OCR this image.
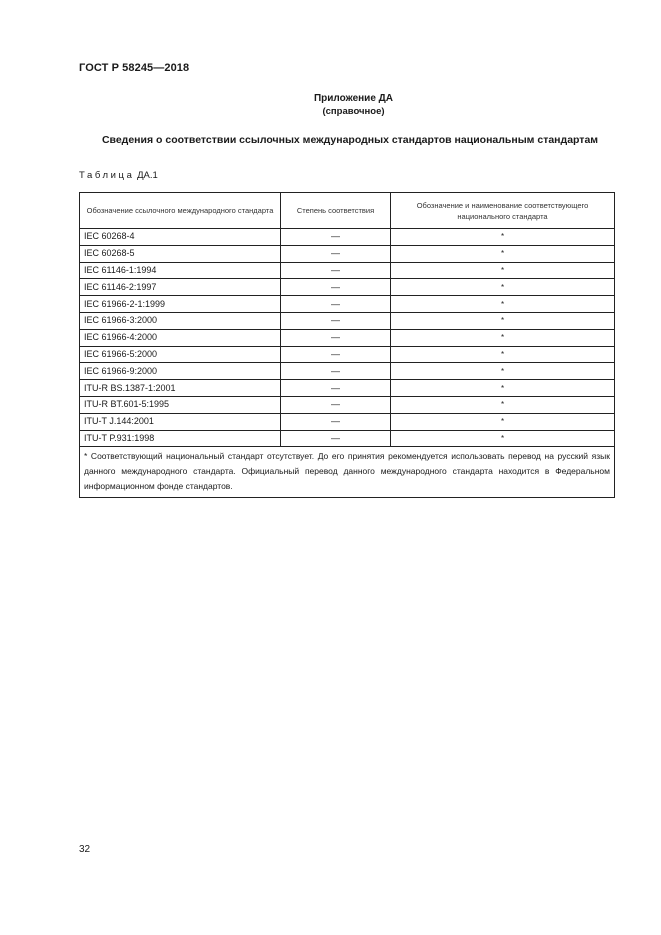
ГОСТ Р 58245—2018
Приложение ДА
(справочное)
Сведения о соответствии ссылочных международных стандартов национальным стандартам
Таблица ДА.1
Обозначение ссылочного международного стандарта	Степень соответствия	Обозначение и наименование соответствующего национального стандарта
IEC 60268-4	—	*
IEC 60268-5	—	*
IEC 61146-1:1994	—	*
IEC 61146-2:1997	—	*
IEC 61966-2-1:1999	—	*
IEC 61966-3:2000	—	*
IEC 61966-4:2000	—	*
IEC 61966-5:2000	—	*
IEC 61966-9:2000	—	*
ITU-R BS.1387-1:2001	—	*
ITU-R BT.601-5:1995	—	*
ITU-T J.144:2001	—	*
ITU-T P.931:1998	—	*
* Соответствующий национальный стандарт отсутствует. До его принятия рекомендуется использовать перевод на русский язык данного международного стандарта. Официальный перевод данного международного стандарта находится в Федеральном информационном фонде стандартов.		
32
